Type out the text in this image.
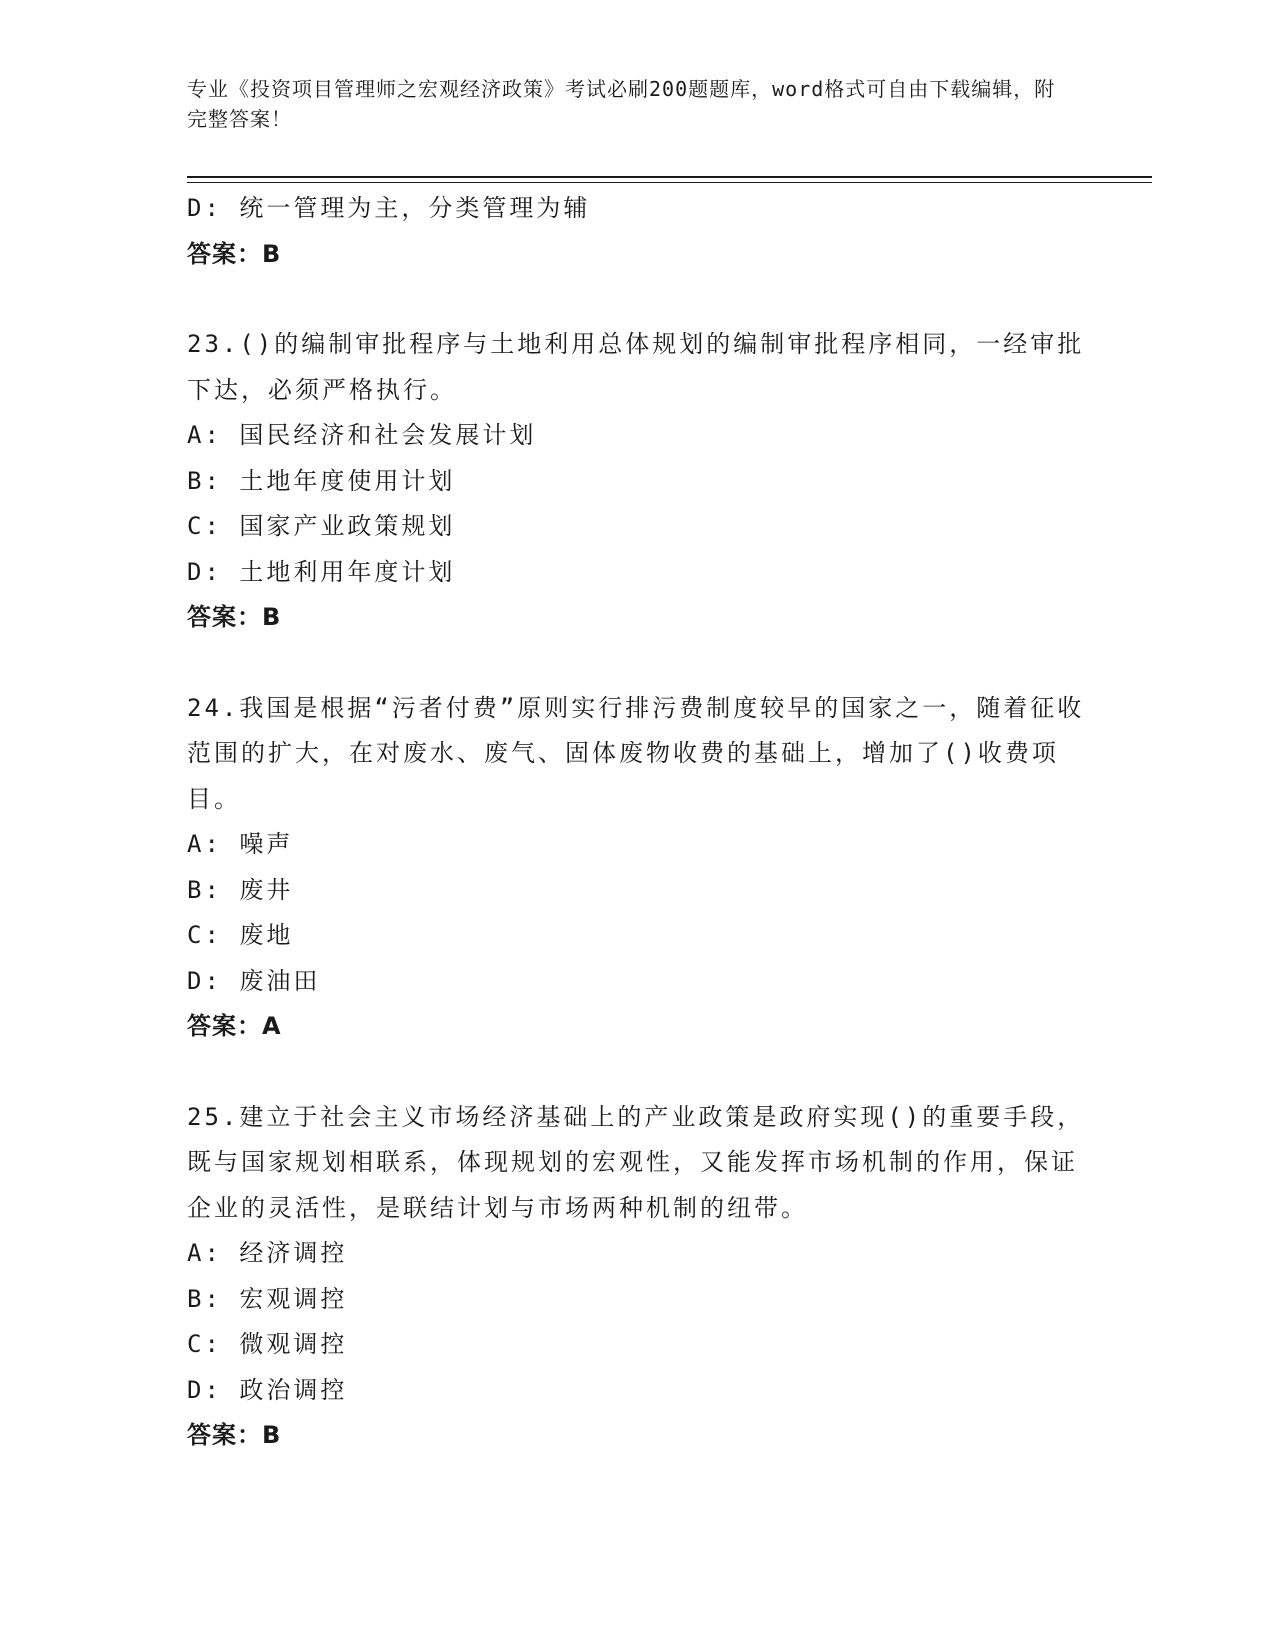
专业《投资项目管理师之宏观经济政策》考试必刷200题题库，word格式可自由下载编辑，附完整答案！
D: 统一管理为主，分类管理为辅
答案：B
23.()的编制审批程序与土地利用总体规划的编制审批程序相同，一经审批下达，必须严格执行。
A: 国民经济和社会发展计划
B: 土地年度使用计划
C: 国家产业政策规划
D: 土地利用年度计划
答案：B
24.我国是根据“污者付费”原则实行排污费制度较早的国家之一，随着征收范围的扩大，在对废水、废气、固体废物收费的基础上，增加了()收费项目。
A: 噪声
B: 废井
C: 废地
D: 废油田
答案：A
25.建立于社会主义市场经济基础上的产业政策是政府实现()的重要手段，既与国家规划相联系，体现规划的宏观性，又能发挥市场机制的作用，保证企业的灵活性，是联结计划与市场两种机制的纽带。
A: 经济调控
B: 宏观调控
C: 微观调控
D: 政治调控
答案：B
